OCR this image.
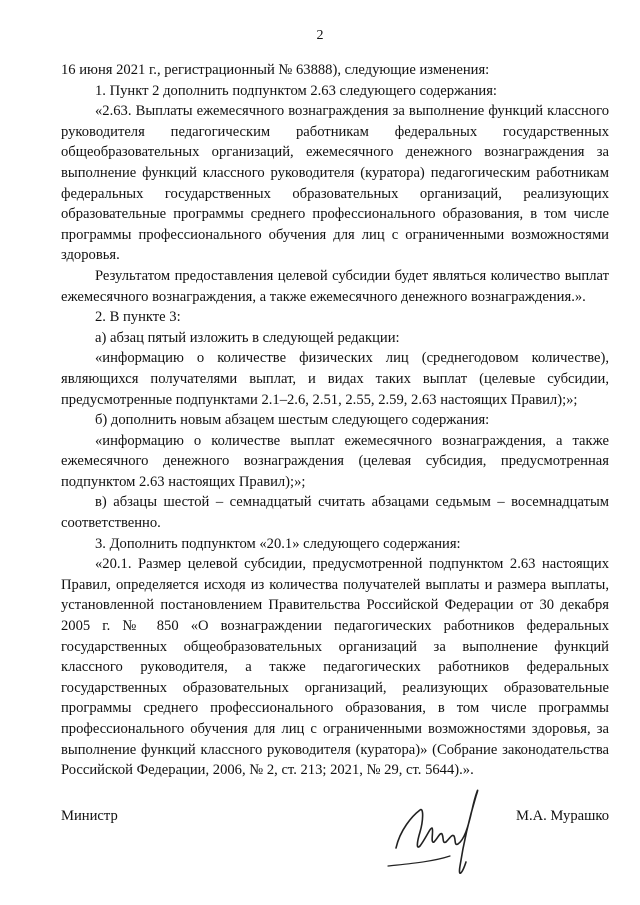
2

16 июня 2021 г., регистрационный № 63888), следующие изменения:

1. Пункт 2 дополнить подпунктом 2.63 следующего содержания:

«2.63. Выплаты ежемесячного вознаграждения за выполнение функций классного руководителя педагогическим работникам федеральных государственных общеобразовательных организаций, ежемесячного денежного вознаграждения за выполнение функций классного руководителя (куратора) педагогическим работникам федеральных государственных образовательных организаций, реализующих образовательные программы среднего профессионального образования, в том числе программы профессионального обучения для лиц с ограниченными возможностями здоровья.

Результатом предоставления целевой субсидии будет являться количество выплат ежемесячного вознаграждения, а также ежемесячного денежного вознаграждения.».

2. В пункте 3:

а) абзац пятый изложить в следующей редакции:

«информацию о количестве физических лиц (среднегодовом количестве), являющихся получателями выплат, и видах таких выплат (целевые субсидии, предусмотренные подпунктами 2.1–2.6, 2.51, 2.55, 2.59, 2.63 настоящих Правил);»;

б) дополнить новым абзацем шестым следующего содержания:

«информацию о количестве выплат ежемесячного вознаграждения, а также ежемесячного денежного вознаграждения (целевая субсидия, предусмотренная подпунктом 2.63 настоящих Правил);»;

в) абзацы шестой – семнадцатый считать абзацами седьмым – восемнадцатым соответственно.

3. Дополнить подпунктом «20.1» следующего содержания:

«20.1. Размер целевой субсидии, предусмотренной подпунктом 2.63 настоящих Правил, определяется исходя из количества получателей выплаты и размера выплаты, установленной постановлением Правительства Российской Федерации от 30 декабря 2005 г. № 850 «О вознаграждении педагогических работников федеральных государственных общеобразовательных организаций за выполнение функций классного руководителя, а также педагогических работников федеральных государственных образовательных организаций, реализующих образовательные программы среднего профессионального образования, в том числе программы профессионального обучения для лиц с ограниченными возможностями здоровья, за выполнение функций классного руководителя (куратора)» (Собрание законодательства Российской Федерации, 2006, № 2, ст. 213; 2021, № 29, ст. 5644).».

Министр	М.А. Мурашко
